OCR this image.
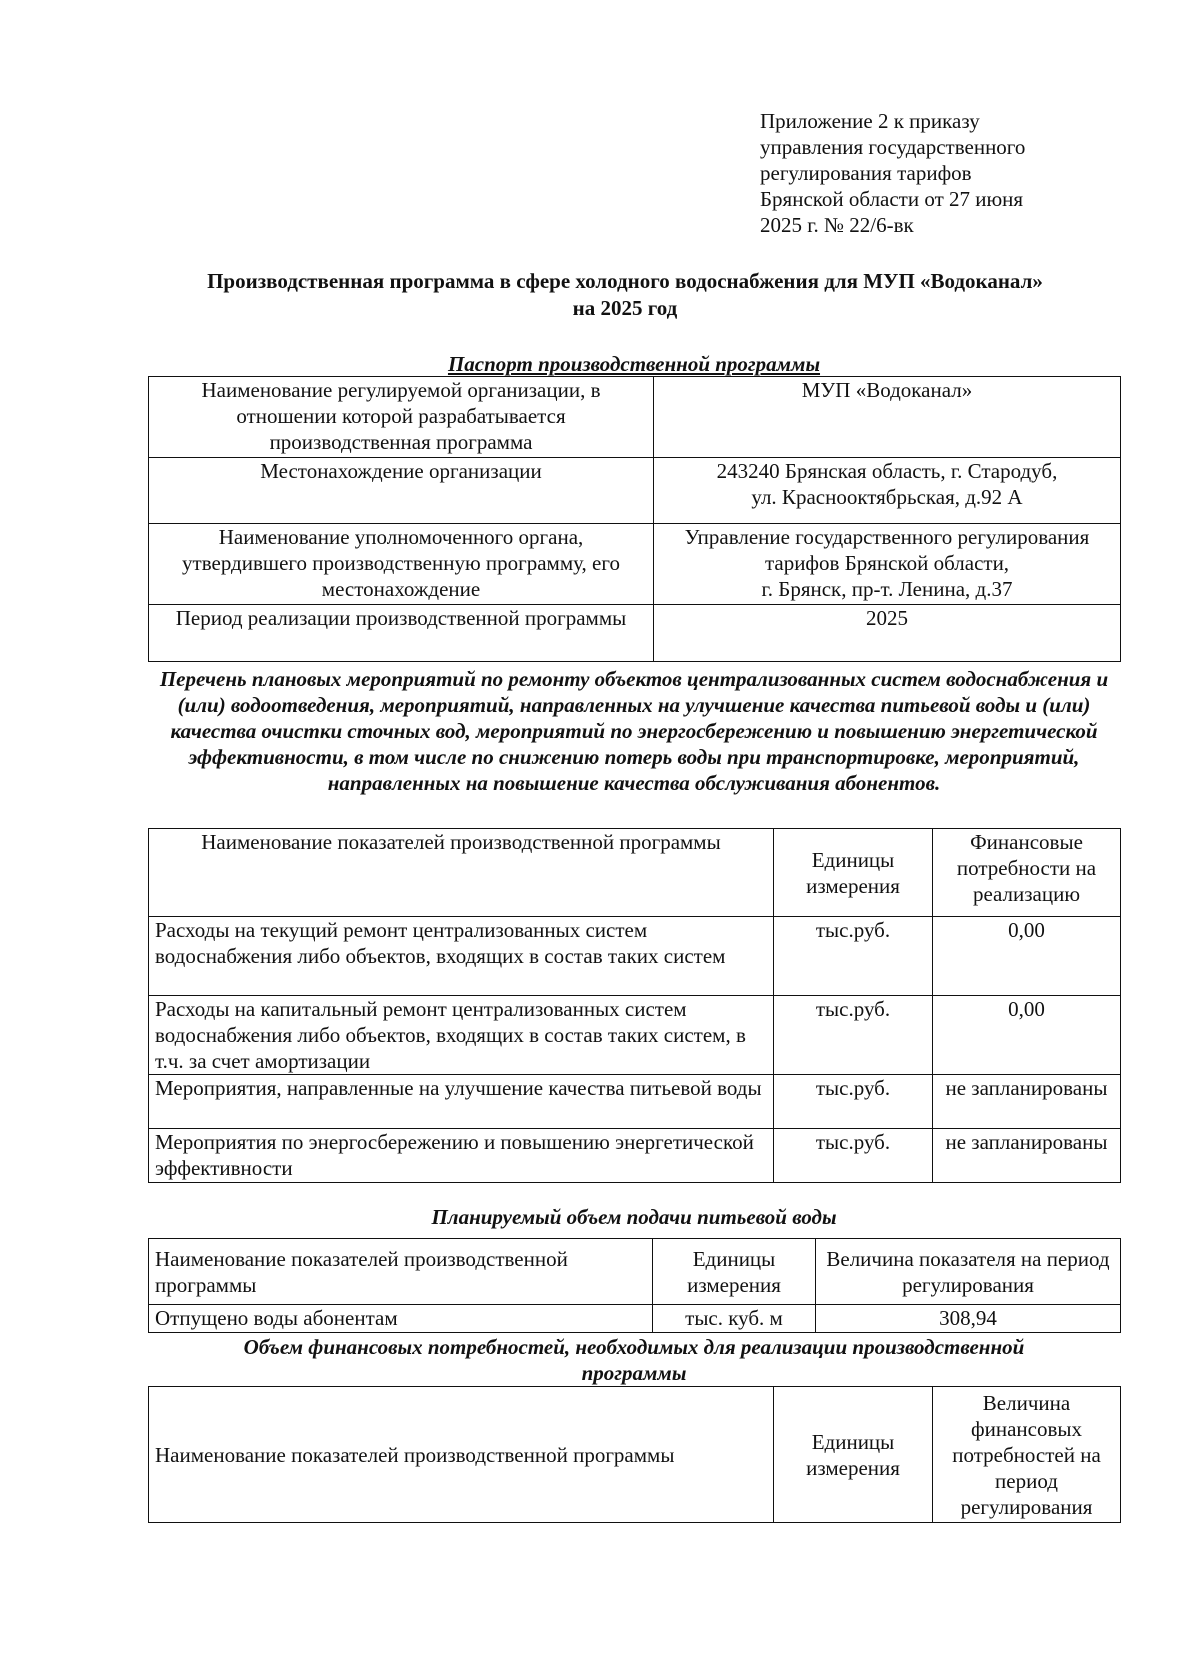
Приложение 2 к приказу
управления государственного
регулирования тарифов
Брянской области от 27 июня
2025 г. № 22/6-вк
Производственная программа в сфере холодного водоснабжения для МУП «Водоканал»
на 2025 год
Паспорт производственной программы
Наименование регулируемой организации, в отношении которой разрабатывается производственная программа	МУП «Водоканал»
Местонахождение организации	243240 Брянская область, г. Стародуб,
ул. Краснооктябрьская, д.92 А

Наименование уполномоченного органа, утвердившего производственную программу, его местонахождение	Управление государственного регулирования
тарифов Брянской области,
г. Брянск, пр-т. Ленина, д.37

Период реализации производственной программы	2025
Перечень плановых мероприятий по ремонту объектов централизованных систем водоснабжения и (или) водоотведения, мероприятий, направленных на улучшение качества питьевой воды и (или) качества очистки сточных вод, мероприятий по энергосбережению и повышению энергетической эффективности, в том числе по снижению потерь воды при транспортировке, мероприятий, направленных на повышение качества обслуживания абонентов.
Наименование показателей производственной программы	Единицы измерения	Финансовые потребности на реализацию
Расходы на текущий ремонт централизованных систем водоснабжения либо объектов, входящих в состав таких систем	тыс.руб.	0,00
Расходы на капитальный ремонт централизованных систем водоснабжения либо объектов, входящих в состав таких систем, в т.ч. за счет амортизации	тыс.руб.	0,00
Мероприятия, направленные на улучшение качества питьевой воды	тыс.руб.	не запланированы
Мероприятия по энергосбережению и повышению энергетической эффективности	тыс.руб.	не запланированы
Планируемый объем подачи питьевой воды
Наименование показателей производственной программы	Единицы измерения	Величина показателя на период регулирования
Отпущено воды абонентам	тыс. куб. м	308,94
Объем финансовых потребностей, необходимых для реализации производственной
программы
Наименование показателей производственной программы	Единицы измерения	Величина финансовых потребностей на период регулирования
